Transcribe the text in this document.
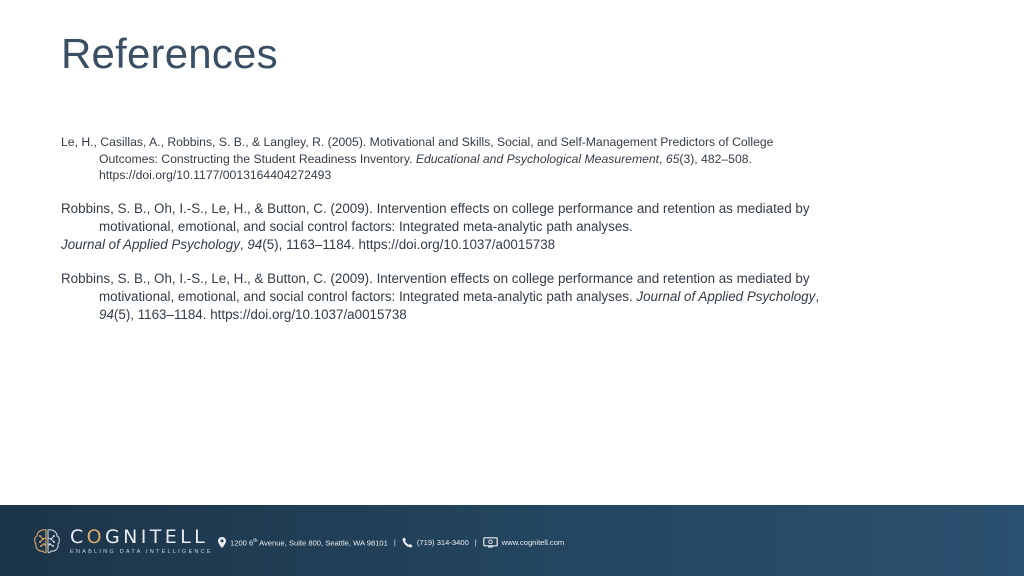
References

Le, H., Casillas, A., Robbins, S. B., & Langley, R. (2005). Motivational and Skills, Social, and Self-Management Predictors of College Outcomes: Constructing the Student Readiness Inventory. Educational and Psychological Measurement, 65(3), 482–508. https://doi.org/10.1177/0013164404272493

Robbins, S. B., Oh, I.-S., Le, H., & Button, C. (2009). Intervention effects on college performance and retention as mediated by motivational, emotional, and social control factors: Integrated meta-analytic path analyses.
Journal of Applied Psychology, 94(5), 1163–1184. https://doi.org/10.1037/a0015738

Robbins, S. B., Oh, I.-S., Le, H., & Button, C. (2009). Intervention effects on college performance and retention as mediated by motivational, emotional, and social control factors: Integrated meta-analytic path analyses. Journal of Applied Psychology, 94(5), 1163–1184. https://doi.org/10.1037/a0015738

COGNITELL
ENABLING DATA INTELLIGENCE
1200 6th Avenue, Suite 800, Seattle, WA 98101 |	(719) 314-3400 |	www.cognitell.com
